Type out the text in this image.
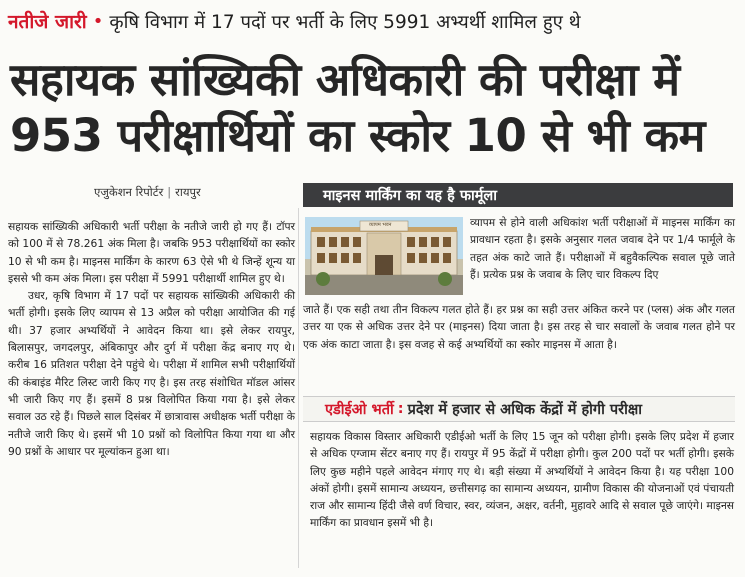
नतीजे जारी • कृषि विभाग में 17 पदों पर भर्ती के लिए 5991 अभ्यर्थी शामिल हुए थे
सहायक सांख्यिकी अधिकारी की परीक्षा में
953 परीक्षार्थियों का स्कोर 10 से भी कम
एजुकेशन रिपोर्टर | रायपुर	माइनस मार्किंग का यह है फार्मूला

सहायक सांख्यिकी अधिकारी भर्ती परीक्षा के नतीजे जारी हो गए हैं। टॉपर को 100 में से 78.261 अंक मिला है। जबकि 953 परीक्षार्थियों का स्कोर 10 से भी कम है। माइनस मार्किंग के कारण 63 ऐसे भी थे जिन्हें शून्य या इससे भी कम अंक मिला। इस परीक्षा में 5991 परीक्षार्थी शामिल हुए थे।

उधर, कृषि विभाग में 17 पदों पर सहायक सांख्यिकी अधिकारी की भर्ती होगी। इसके लिए व्यापम से 13 अप्रैल को परीक्षा आयोजित की गई थी। 37 हजार अभ्यर्थियों ने आवेदन किया था। इसे लेकर रायपुर, बिलासपुर, जगदलपुर, अंबिकापुर और दुर्ग में परीक्षा केंद्र बनाए गए थे। करीब 16 प्रतिशत परीक्षा देने पहुंचे थे। परीक्षा में शामिल सभी परीक्षार्थियों की कंबाइंड मैरिट लिस्ट जारी किए गए है। इस तरह संशोधित मॉडल आंसर भी जारी किए गए हैं। इसमें 8 प्रश्न विलोपित किया गया है। इसे लेकर सवाल उठ रहे हैं। पिछले साल दिसंबर में छात्रावास अधीक्षक भर्ती परीक्षा के नतीजे जारी किए थे। इसमें भी 10 प्रश्नों को विलोपित किया गया था और 90 प्रश्नों के आधार पर मूल्यांकन हुआ था।

व्यापम भवन	व्यापम से होने वाली अधिकांश भर्ती परीक्षाओं में माइनस मार्किंग का प्रावधान रहता है। इसके अनुसार गलत जवाब देने पर 1/4 फार्मूले के तहत अंक काटे जाते हैं। परीक्षाओं में बहुवैकल्पिक सवाल पूछे जाते हैं। प्रत्येक प्रश्न के जवाब के लिए चार विकल्प दिए

जाते हैं। एक सही तथा तीन विकल्प गलत होते हैं। हर प्रश्न का सही उत्तर अंकित करने पर (प्लस) अंक और गलत उत्तर या एक से अधिक उत्तर देने पर (माइनस) दिया जाता है। इस तरह से चार सवालों के जवाब गलत होने पर एक अंक काटा जाता है। इस वजह से कई अभ्यर्थियों का स्कोर माइनस में आता है।

एडीईओ भर्ती : प्रदेश में हजार से अधिक केंद्रों में होगी परीक्षा

सहायक विकास विस्तार अधिकारी एडीईओ भर्ती के लिए 15 जून को परीक्षा होगी। इसके लिए प्रदेश में हजार से अधिक एग्जाम सेंटर बनाए गए हैं। रायपुर में 95 केंद्रों में परीक्षा होगी। कुल 200 पदों पर भर्ती होगी। इसके लिए कुछ महीने पहले आवेदन मंगाए गए थे। बड़ी संख्या में अभ्यर्थियों ने आवेदन किया है। यह परीक्षा 100 अंकों होगी। इसमें सामान्य अध्ययन, छत्तीसगढ़ का सामान्य अध्ययन, ग्रामीण विकास की योजनाओं एवं पंचायती राज और सामान्य हिंदी जैसे वर्ण विचार, स्वर, व्यंजन, अक्षर, वर्तनी, मुहावरे आदि से सवाल पूछे जाएंगे। माइनस मार्किंग का प्रावधान इसमें भी है।
